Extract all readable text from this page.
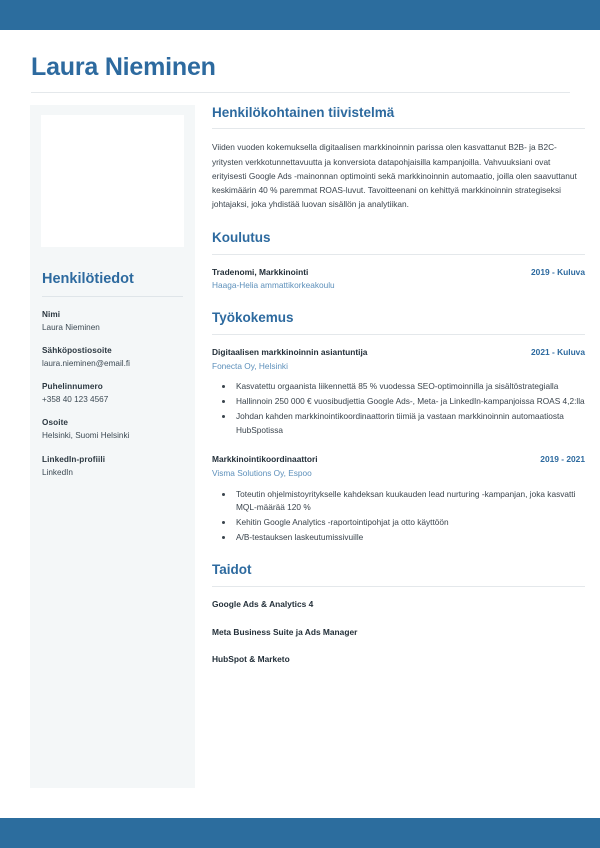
Laura Nieminen
Henkilötiedot
Nimi
Laura Nieminen
Sähköpostiosoite
laura.nieminen@email.fi
Puhelinnumero
+358 40 123 4567
Osoite
Helsinki, Suomi Helsinki
LinkedIn-profiili
LinkedIn
Henkilökohtainen tiivistelmä

Viiden vuoden kokemuksella digitaalisen markkinoinnin parissa olen kasvattanut B2B- ja B2C-yritysten verkkotunnettavuutta ja konversiota datapohjaisilla kampanjoilla. Vahvuuksiani ovat erityisesti Google Ads -mainonnan optimointi sekä markkinoinnin automaatio, joilla olen saavuttanut keskimäärin 40 % paremmat ROAS-luvut. Tavoitteenani on kehittyä markkinoinnin strategiseksi johtajaksi, joka yhdistää luovan sisällön ja analytiikan.

Koulutus
Tradenomi, Markkinointi	2019 - Kuluva
Haaga-Helia ammattikorkeakoulu
Työkokemus
Digitaalisen markkinoinnin asiantuntija	2021 - Kuluva
Fonecta Oy, Helsinki
• Kasvatettu orgaanista liikennettä 85 % vuodessa SEO-optimoinnilla ja sisältöstrategialla
• Hallinnoin 250 000 € vuosibudjettia Google Ads-, Meta- ja LinkedIn-kampanjoissa ROAS 4,2:lla
• Johdan kahden markkinointikoordinaattorin tiimiä ja vastaan markkinoinnin automaatiosta HubSpotissa
Markkinointikoordinaattori	2019 - 2021
Visma Solutions Oy, Espoo
• Toteutin ohjelmistoyritykselle kahdeksan kuukauden lead nurturing -kampanjan, joka kasvatti MQL-määrää 120 %
• Kehitin Google Analytics -raportointipohjat ja otto käyttöön
• A/B-testauksen laskeutumissivuille
Taidot
Google Ads & Analytics 4
Meta Business Suite ja Ads Manager
HubSpot & Marketo
